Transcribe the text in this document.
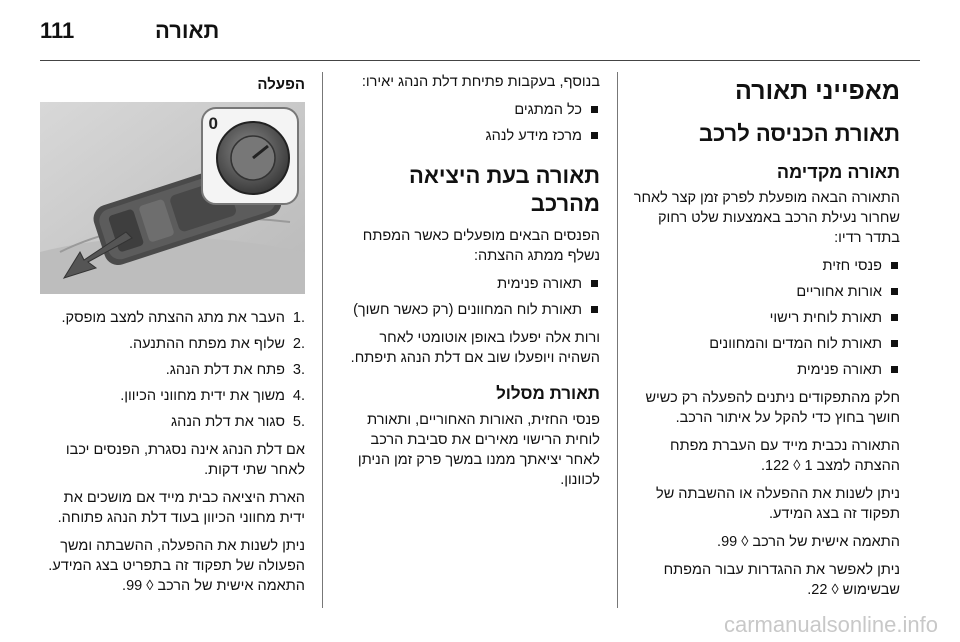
111	תאורה
מאפייני תאורה
תאורת הכניסה לרכב
תאורה מקדימה

התאורה הבאה מופעלת לפרק זמן קצר לאחר שחרור נעילת הרכב באמצעות שלט רחוק בתדר רדיו:

פנסי חזית
אורות אחוריים
תאורת לוחית רישוי
תאורת לוח המדים והמחוונים
תאורה פנימית

חלק מהתפקודים ניתנים להפעלה רק כשיש חושך בחוץ כדי להקל על איתור הרכב.

התאורה נכבית מייד עם העברת מפתח ההצתה למצב 1 ◊ 122.

ניתן לשנות את ההפעלה או ההשבתה של תפקוד זה בצג המידע.

התאמה אישית של הרכב ◊ 99.

ניתן לאפשר את ההגדרות עבור המפתח שבשימוש ◊ 22.

בנוסף, בעקבות פתיחת דלת הנהג יאירו:

כל המתגים
מרכז מידע לנהג
תאורה בעת היציאה מהרכב

הפנסים הבאים מופעלים כאשר המפתח נשלף ממתג ההצתה:

תאורה פנימית
תאורת לוח המחוונים (רק כאשר חשוך)

ורות אלה יפעלו באופן אוטומטי לאחר השהיה ויופעלו שוב אם דלת הנהג תיפתח.

תאורת מסלול

פנסי החזית, האורות האחוריים, ותאורת לוחית הרישוי מאירים את סביבת הרכב לאחר יציאתך ממנו במשך פרק זמן הניתן לכוונון.

הפעלה
0
.1
העבר את מתג ההצתה למצב מופסק.
.2
שלוף את מפתח ההתנעה.
.3
פתח את דלת הנהג.
.4
משוך את ידית מחווני הכיוון.
.5
סגור את דלת הנהג

אם דלת הנהג אינה נסגרת, הפנסים יכבו לאחר שתי דקות.

הארת היציאה כבית מייד אם מושכים את ידית מחווני הכיוון בעוד דלת הנהג פתוחה.

ניתן לשנות את ההפעלה, ההשבתה ומשך הפעולה של תפקוד זה בתפריט בצג המידע. התאמה אישית של הרכב ◊ 99.

carmanualsonline.info
